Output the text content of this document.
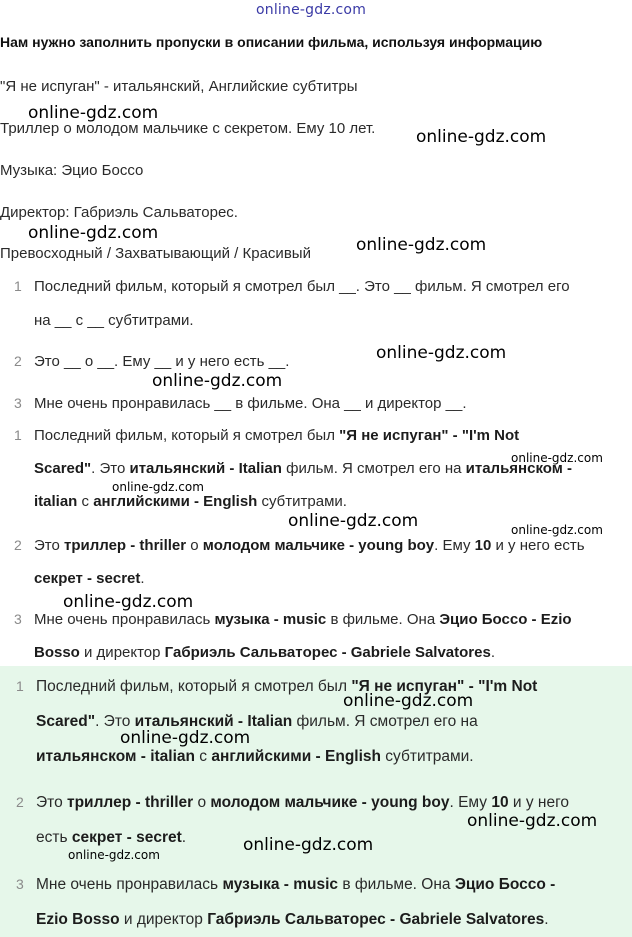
online-gdz.com
Нам нужно заполнить пропуски в описании фильма, используя информацию
"Я не испуган" - итальянский, Английские субтитры
Триллер о молодом мальчике с секретом. Ему 10 лет.
Музыка: Эцио Боссо
Директор: Габриэль Сальватoрес.
Превосходный / Захватывающий / Красивый
1 Последний фильм, который я смотрел был __. Это __ фильм. Я смотрел его
на __ с __ субтитрами.
2 Это __ о __. Ему __ и у него есть __.
3 Мне очень пронравилась __ в фильме. Она __ и директор __.
1 Последний фильм, который я смотрел был "Я не испуган" - "I'm Not
Scared". Это итальянский - Italian фильм. Я смотрел его на итальянском -
italian с английскими - English субтитрами.
2 Это триллер - thriller о молодом мальчике - young boy. Ему 10 и у него есть
секрет - secret.
3 Мне очень пронравилась музыка - music в фильме. Она Эцио Боссо - Ezio
Bosso и директор Габриэль Сальватoрес - Gabriele Salvatores.
1 Последний фильм, который я смотрел был "Я не испуган" - "I'm Not
Scared". Это итальянский - Italian фильм. Я смотрел его на
итальянском - italian с английскими - English субтитрами.
2 Это триллер - thriller о молодом мальчике - young boy. Ему 10 и у него
есть секрет - secret.
3 Мне очень пронравилась музыка - music в фильме. Она Эцио Боссо -
Ezio Bosso и директор Габриэль Сальватoрес - Gabriele Salvatores.
online-gdz.com
online-gdz.com
online-gdz.com
online-gdz.com
online-gdz.com
online-gdz.com
online-gdz.com
online-gdz.com
online-gdz.com	online-gdz.com
online-gdz.com
online-gdz.com
online-gdz.com
online-gdz.com
online-gdz.com
online-gdz.com
